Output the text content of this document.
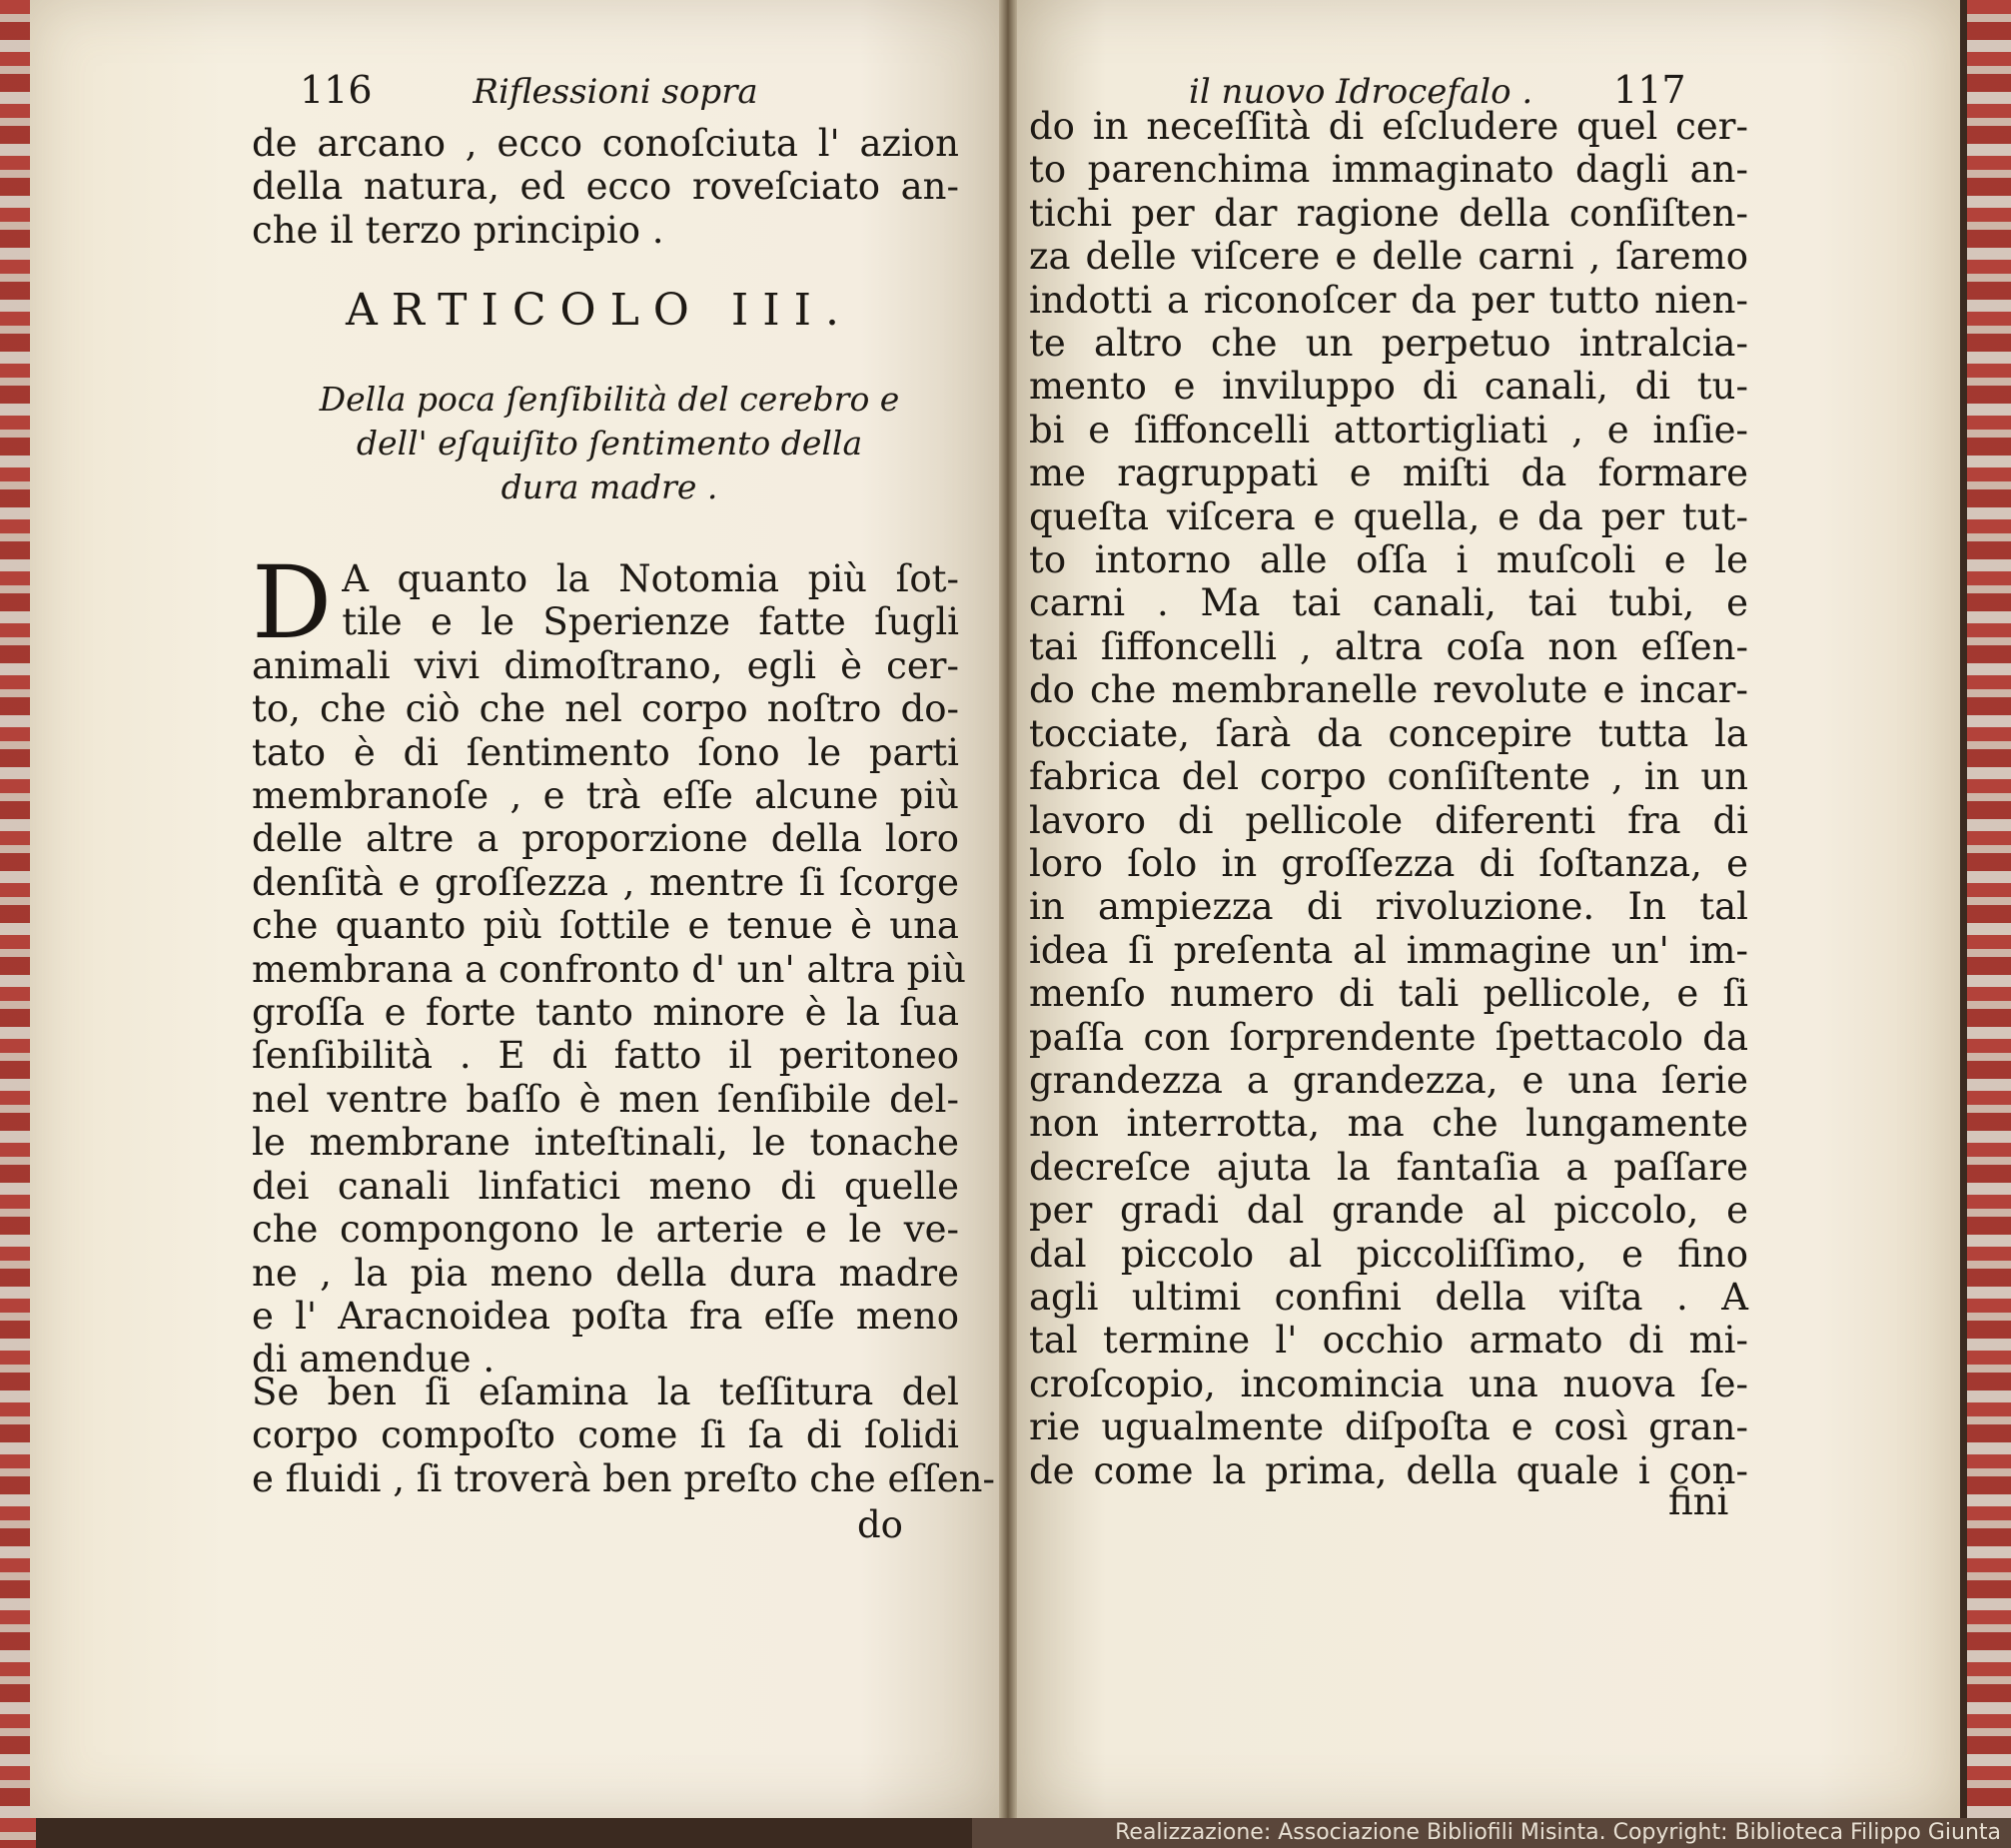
116	Riflessioni sopra
de arcano , ecco conoſciuta l' azion
della natura, ed ecco roveſciato an-
che il terzo principio .
ARTICOLO III.
Della poca ſenſibilità del cerebro e
dell' eſquiſito ſentimento della
dura madre .
D A quanto la Notomia più ſot-
tile e le Sperienze fatte ſugli
animali vivi dimoſtrano, egli è cer-
to, che ciò che nel corpo noſtro do-
tato è di ſentimento ſono le parti
membranoſe , e trà eſſe alcune più
delle altre a proporzione della loro
denſità e groſſezza , mentre ſi ſcorge
che quanto più ſottile e tenue è una
membrana a confronto d' un' altra più
groſſa e forte tanto minore è la ſua
ſenſibilità . E di fatto il peritoneo
nel ventre baſſo è men ſenſibile del-
le membrane inteſtinali, le tonache
dei canali linfatici meno di quelle
che compongono le arterie e le ve-
ne , la pia meno della dura madre
e l' Aracnoidea poſta fra eſſe meno
di amendue .
Se ben ſi eſamina la teſſitura del
corpo compoſto come ſi ſa di ſolidi
e fluidi , ſi troverà ben preſto che eſſen-
do
il nuovo Idrocefalo . 117
do in neceſſità di eſcludere quel cer-
to parenchima immaginato dagli an-
tichi per dar ragione della conſiſten-
za delle viſcere e delle carni , ſaremo
indotti a riconoſcer da per tutto nien-
te altro che un perpetuo intralcia-
mento e inviluppo di canali, di tu-
bi e ſiffoncelli attortigliati , e inſie-
me ragruppati e miſti da formare
queſta viſcera e quella, e da per tut-
to intorno alle oſſa i muſcoli e le
carni . Ma tai canali, tai tubi, e
tai ſiffoncelli , altra coſa non eſſen-
do che membranelle revolute e incar-
tocciate, ſarà da concepire tutta la
fabrica del corpo conſiſtente , in un
lavoro di pellicole diferenti fra di
loro ſolo in groſſezza di ſoſtanza, e
in ampiezza di rivoluzione. In tal
idea ſi preſenta al immagine un' im-
menſo numero di tali pellicole, e ſi
paſſa con ſorprendente ſpettacolo da
grandezza a grandezza, e una ſerie
non interrotta, ma che lungamente
decreſce ajuta la fantaſia a paſſare
per gradi dal grande al piccolo, e
dal piccolo al piccoliſſimo, e fino
agli ultimi confini della viſta . A
tal termine l' occhio armato di mi-
croſcopio, incomincia una nuova ſe-
rie ugualmente diſpoſta e così gran-
de come la prima, della quale i con-
fini
Realizzazione: Associazione Bibliofili Misinta. Copyright: Biblioteca Filippo Giunta
